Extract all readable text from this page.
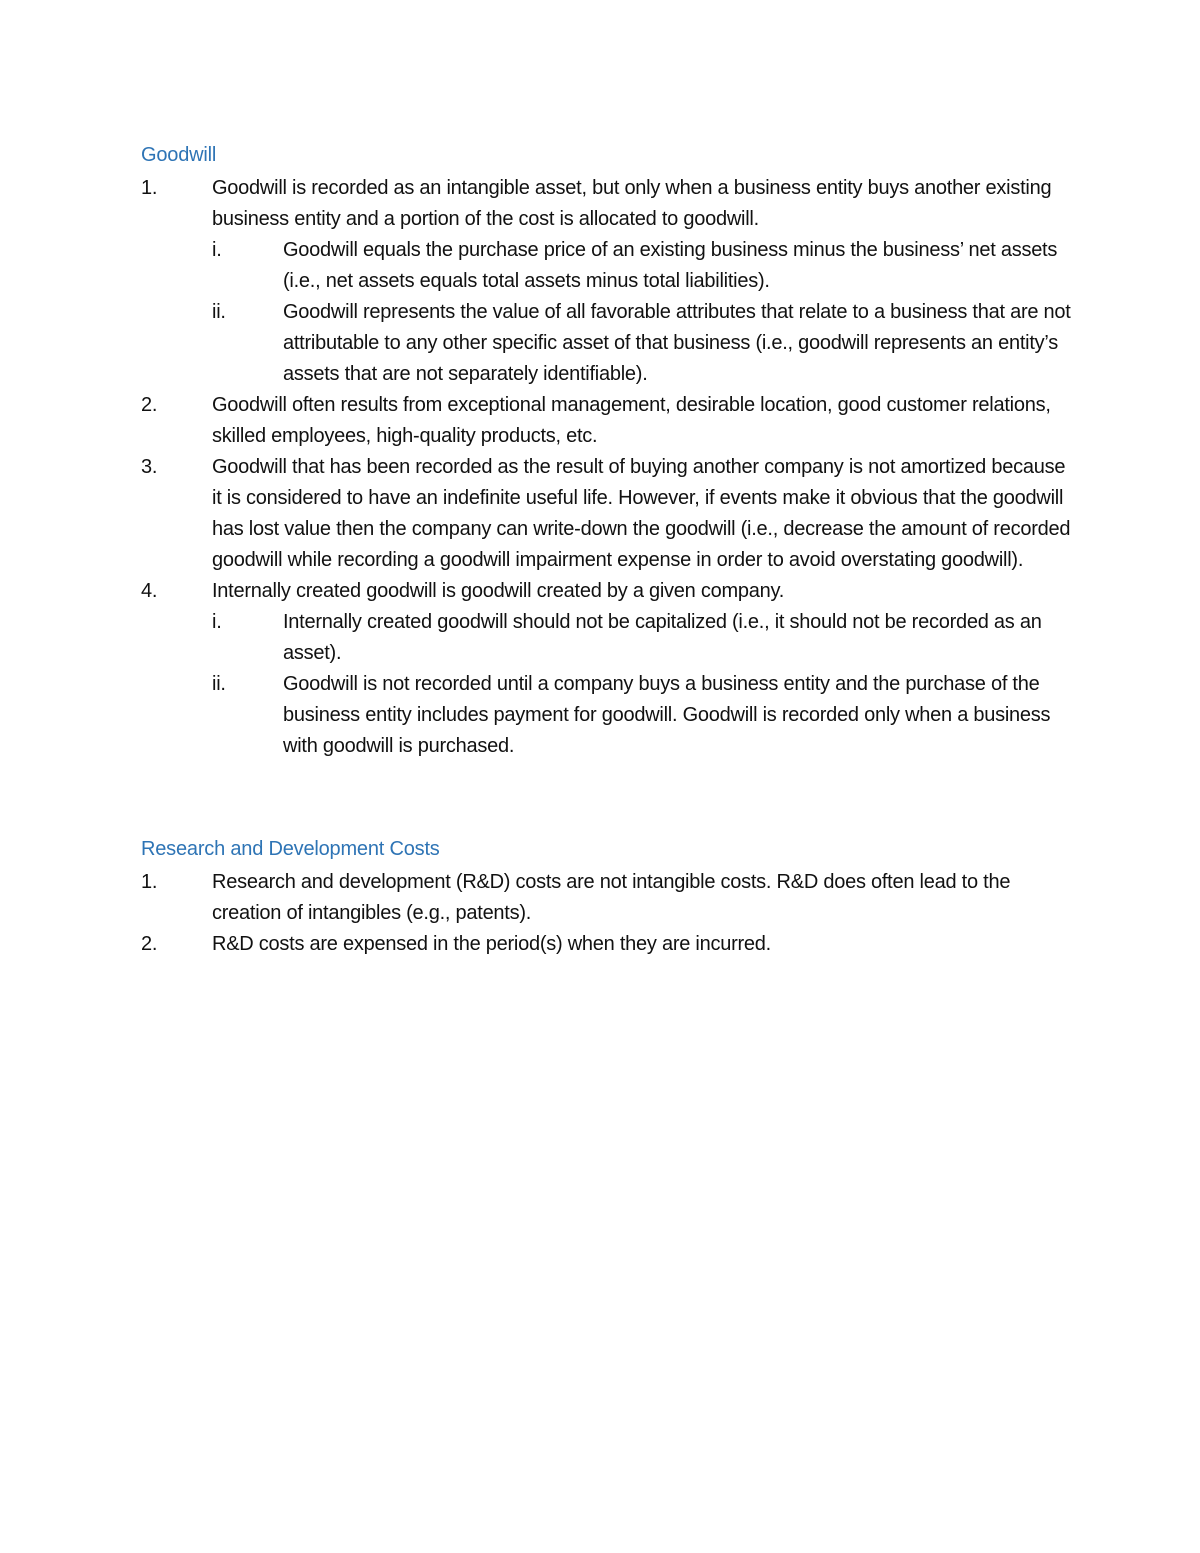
Goodwill
1.	Goodwill is recorded as an intangible asset, but only when a business entity buys another existing business entity and a portion of the cost is allocated to goodwill.
i.	Goodwill equals the purchase price of an existing business minus the business’ net assets (i.e., net assets equals total assets minus total liabilities).
ii.	Goodwill represents the value of all favorable attributes that relate to a business that are not attributable to any other specific asset of that business (i.e., goodwill represents an entity’s assets that are not separately identifiable).
2.	Goodwill often results from exceptional management, desirable location, good customer relations, skilled employees, high-quality products, etc.
3.	Goodwill that has been recorded as the result of buying another company is not amortized because it is considered to have an indefinite useful life. However, if events make it obvious that the goodwill has lost value then the company can write-down the goodwill (i.e., decrease the amount of recorded goodwill while recording a goodwill impairment expense in order to avoid overstating goodwill).
4.	Internally created goodwill is goodwill created by a given company.
i.	Internally created goodwill should not be capitalized (i.e., it should not be recorded as an asset).
ii.	Goodwill is not recorded until a company buys a business entity and the purchase of the business entity includes payment for goodwill. Goodwill is recorded only when a business with goodwill is purchased.
Research and Development Costs
1.	Research and development (R&D) costs are not intangible costs. R&D does often lead to the creation of intangibles (e.g., patents).
2.	R&D costs are expensed in the period(s) when they are incurred.
